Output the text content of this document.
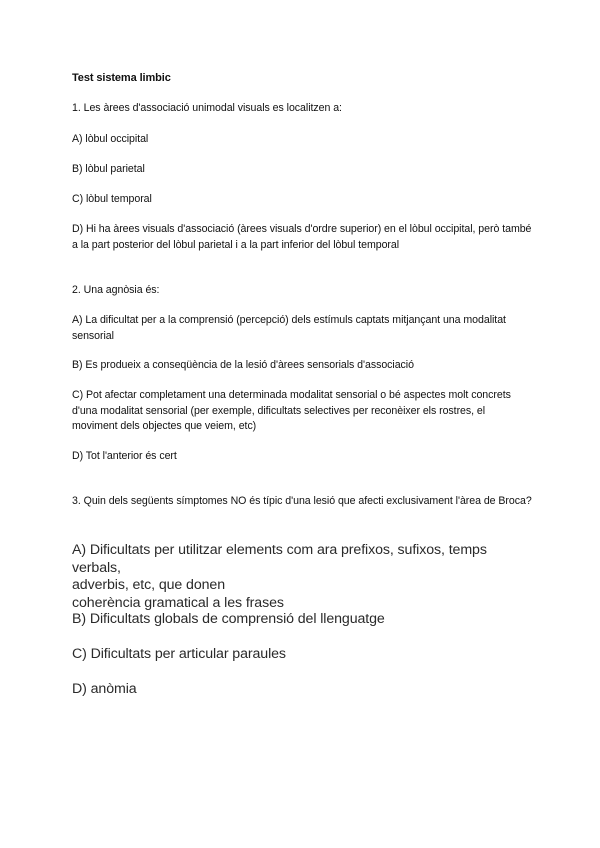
Test sistema limbic
1. Les àrees d'associació unimodal visuals es localitzen a:
A) lòbul occipital
B) lòbul parietal
C) lòbul temporal
D) Hi ha àrees visuals d'associació (àrees visuals d'ordre superior) en el lòbul occipital, però també a la part posterior del lòbul parietal i a la part inferior del lòbul temporal
2. Una agnòsia és:
A) La dificultat per a la comprensió (percepció) dels estímuls captats mitjançant una modalitat sensorial
B) Es produeix a conseqüència de la lesió d'àrees sensorials d'associació
C) Pot afectar completament una determinada modalitat sensorial o bé aspectes molt concrets d'una modalitat sensorial (per exemple, dificultats selectives per reconèixer els rostres, el moviment dels objectes que veiem, etc)
D) Tot l'anterior és cert
3. Quin dels següents símptomes NO és típic d'una lesió que afecti exclusivament l'àrea de Broca?
A) Dificultats per utilitzar elements com ara prefixos, sufixos, temps verbals,
adverbis, etc, que donen
coherència gramatical a les frases
B) Dificultats globals de comprensió del llenguatge
C) Dificultats per articular paraules
D) anòmia
